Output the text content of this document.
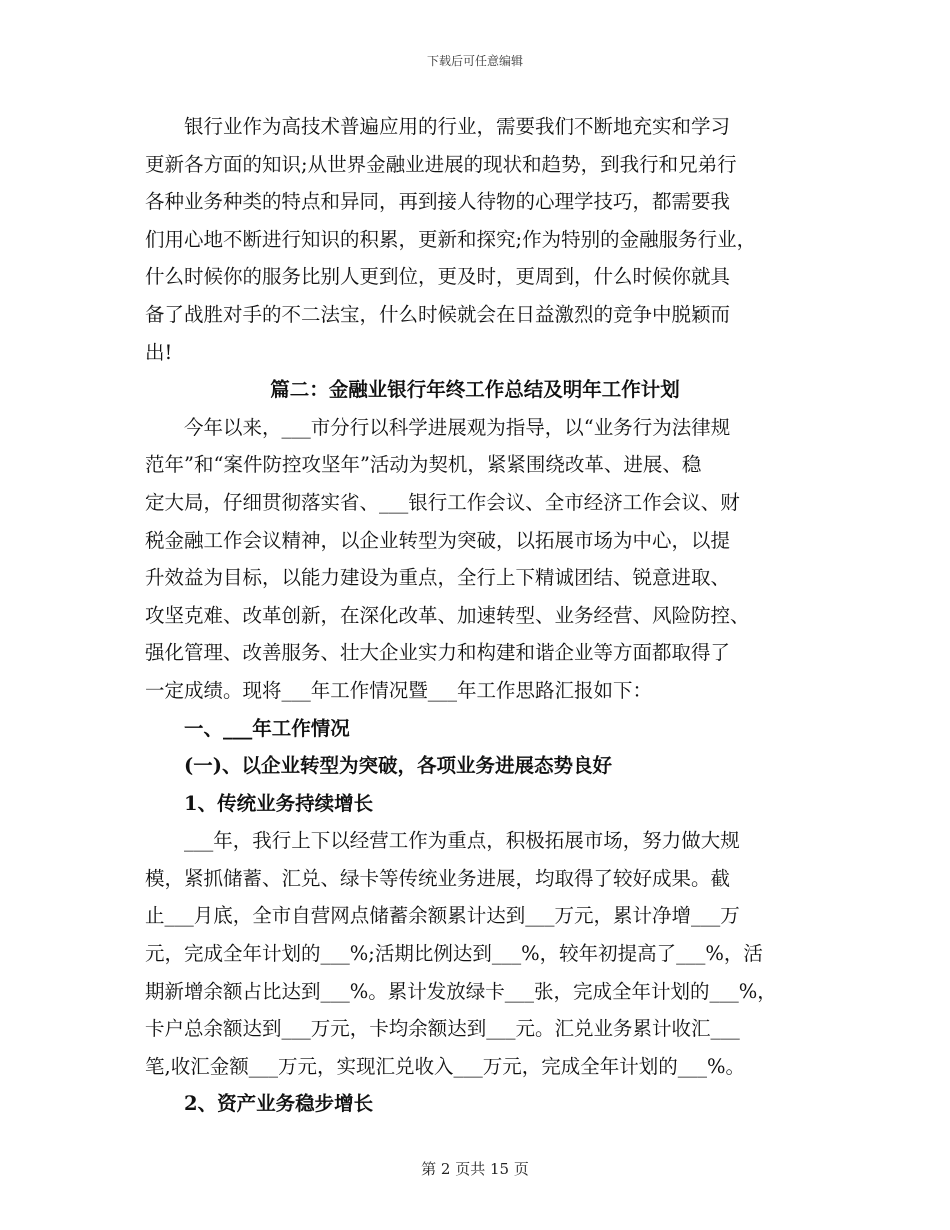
下载后可任意编辑
银行业作为高技术普遍应用的行业，需要我们不断地充实和学习
更新各方面的知识;从世界金融业进展的现状和趋势，到我行和兄弟行
各种业务种类的特点和异同，再到接人待物的心理学技巧，都需要我
们用心地不断进行知识的积累，更新和探究;作为特别的金融服务行业，
什么时候你的服务比别人更到位，更及时，更周到，什么时候你就具
备了战胜对手的不二法宝，什么时候就会在日益激烈的竞争中脱颖而
出!
篇二：金融业银行年终工作总结及明年工作计划
今年以来，___市分行以科学进展观为指导，以“业务行为法律规
范年”和“案件防控攻坚年”活动为契机，紧紧围绕改革、进展、稳
定大局，仔细贯彻落实省、___银行工作会议、全市经济工作会议、财
税金融工作会议精神，以企业转型为突破，以拓展市场为中心，以提
升效益为目标，以能力建设为重点，全行上下精诚团结、锐意进取、
攻坚克难、改革创新，在深化改革、加速转型、业务经营、风险防控、
强化管理、改善服务、壮大企业实力和构建和谐企业等方面都取得了
一定成绩。现将___年工作情况暨___年工作思路汇报如下：
一、___年工作情况
(一)、以企业转型为突破，各项业务进展态势良好
1、传统业务持续增长
___年，我行上下以经营工作为重点，积极拓展市场，努力做大规
模，紧抓储蓄、汇兑、绿卡等传统业务进展，均取得了较好成果。截
止___月底，全市自营网点储蓄余额累计达到___万元，累计净增___万
元，完成全年计划的___%;活期比例达到___%，较年初提高了___%，活
期新增余额占比达到___%。累计发放绿卡___张，完成全年计划的___%，
卡户总余额达到___万元，卡均余额达到___元。汇兑业务累计收汇___
笔,收汇金额___万元，实现汇兑收入___万元，完成全年计划的___%。
2、资产业务稳步增长
第 2 页共 15 页
